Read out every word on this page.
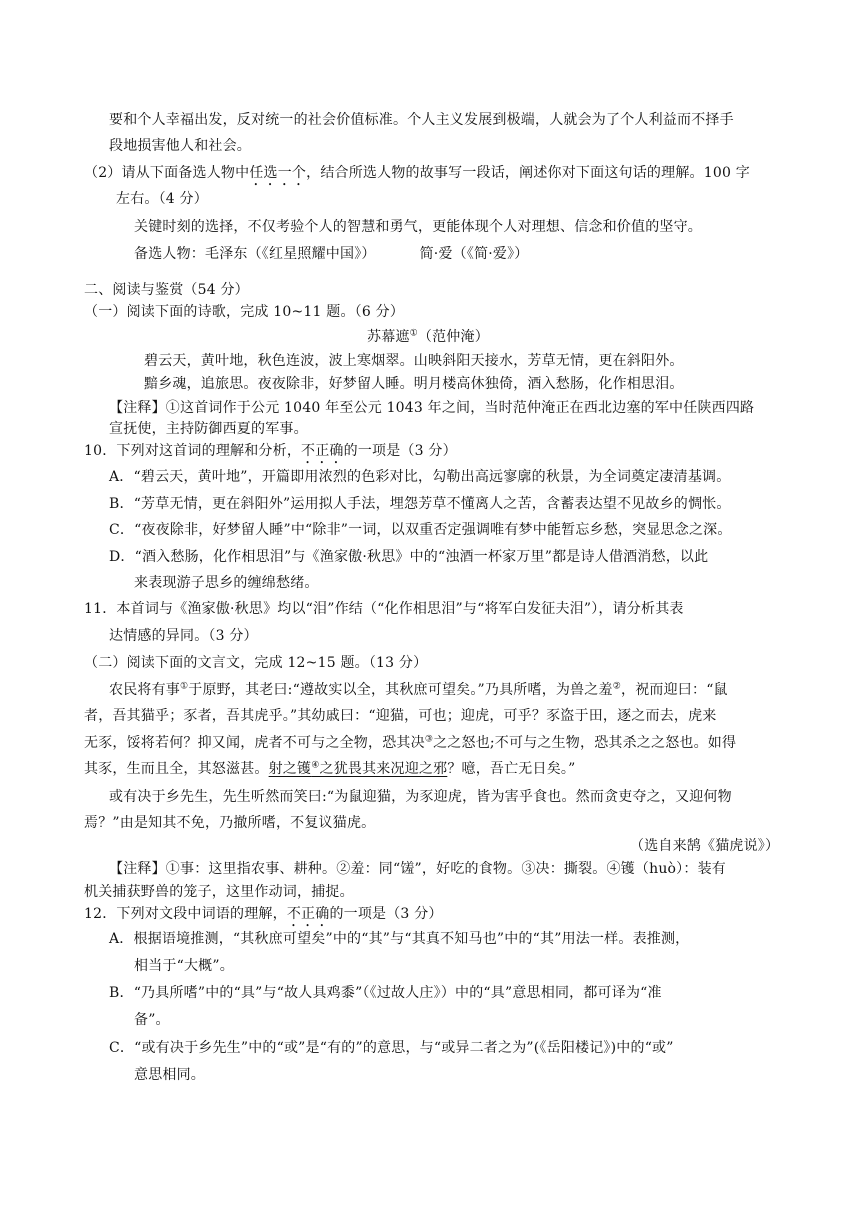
要和个人幸福出发，反对统一的社会价值标准。个人主义发展到极端，人就会为了个人利益而不择手
段地损害他人和社会。
（2）请从下面备选人物中任选一个，结合所选人物的故事写一段话，阐述你对下面这句话的理解。100 字
左右。（4 分）
关键时刻的选择，不仅考验个人的智慧和勇气，更能体现个人对理想、信念和价值的坚守。
备选人物：毛泽东（《红星照耀中国》）	简·爱（《简·爱》）
二、阅读与鉴赏（54 分）
（一）阅读下面的诗歌，完成 10~11 题。（6 分）
苏幕遮①（范仲淹）
碧云天，黄叶地，秋色连波，波上寒烟翠。山映斜阳天接水，芳草无情，更在斜阳外。
黯乡魂，追旅思。夜夜除非，好梦留人睡。明月楼高休独倚，酒入愁肠，化作相思泪。
【注释】①这首词作于公元 1040 年至公元 1043 年之间，当时范仲淹正在西北边塞的军中任陕西四路
宣抚使，主持防御西夏的军事。
10．下列对这首词的理解和分析，不正确的一项是（3 分）
A．“碧云天，黄叶地”，开篇即用浓烈的色彩对比，勾勒出高远寥廓的秋景，为全词奠定凄清基调。
B．“芳草无情，更在斜阳外”运用拟人手法，埋怨芳草不懂离人之苦，含蓄表达望不见故乡的惆怅。
C．“夜夜除非，好梦留人睡”中“除非”一词，以双重否定强调唯有梦中能暂忘乡愁，突显思念之深。
D．“酒入愁肠，化作相思泪”与《渔家傲·秋思》中的“浊酒一杯家万里”都是诗人借酒消愁，以此
来表现游子思乡的缠绵愁绪。
11．本首词与《渔家傲·秋思》均以“泪”作结（“化作相思泪”与“将军白发征夫泪”），请分析其表
达情感的异同。（3 分）
（二）阅读下面的文言文，完成 12~15 题。（13 分）
农民将有事①于原野，其老曰:“遵故实以全，其秋庶可望矣。”乃具所嗜，为兽之羞②，祝而迎曰：“鼠
者，吾其猫乎；豕者，吾其虎乎。”其幼戚曰：“迎猫，可也；迎虎，可乎？豕盗于田，逐之而去，虎来
无豕，馁将若何？抑又闻，虎者不可与之全物，恐其决③之之怒也;不可与之生物，恐其杀之之怒也。如得
其豕，生而且全，其怒滋甚。射之镬④之犹畏其来况迎之邪？噫，吾亡无日矣。”
或有决于乡先生，先生听然而笑曰:“为鼠迎猫，为豕迎虎，皆为害乎食也。然而贪吏夺之，又迎何物
焉？”由是知其不免，乃撤所嗜，不复议猫虎。
（选自来鹄《猫虎说》）
【注释】①事：这里指农事、耕种。②羞：同“馐”，好吃的食物。③决：撕裂。④镬（huò）：装有
机关捕获野兽的笼子，这里作动词，捕捉。
12．下列对文段中词语的理解，不正确的一项是（3 分）
A．根据语境推测，“其秋庶可望矣”中的“其”与“其真不知马也”中的“其”用法一样。表推测，
相当于“大概”。
B．“乃具所嗜”中的“具”与“故人具鸡黍”（《过故人庄》）中的“具”意思相同，都可译为“准
备”。
C．“或有决于乡先生”中的“或”是“有的”的意思，与“或异二者之为”(《岳阳楼记》)中的“或”
意思相同。
